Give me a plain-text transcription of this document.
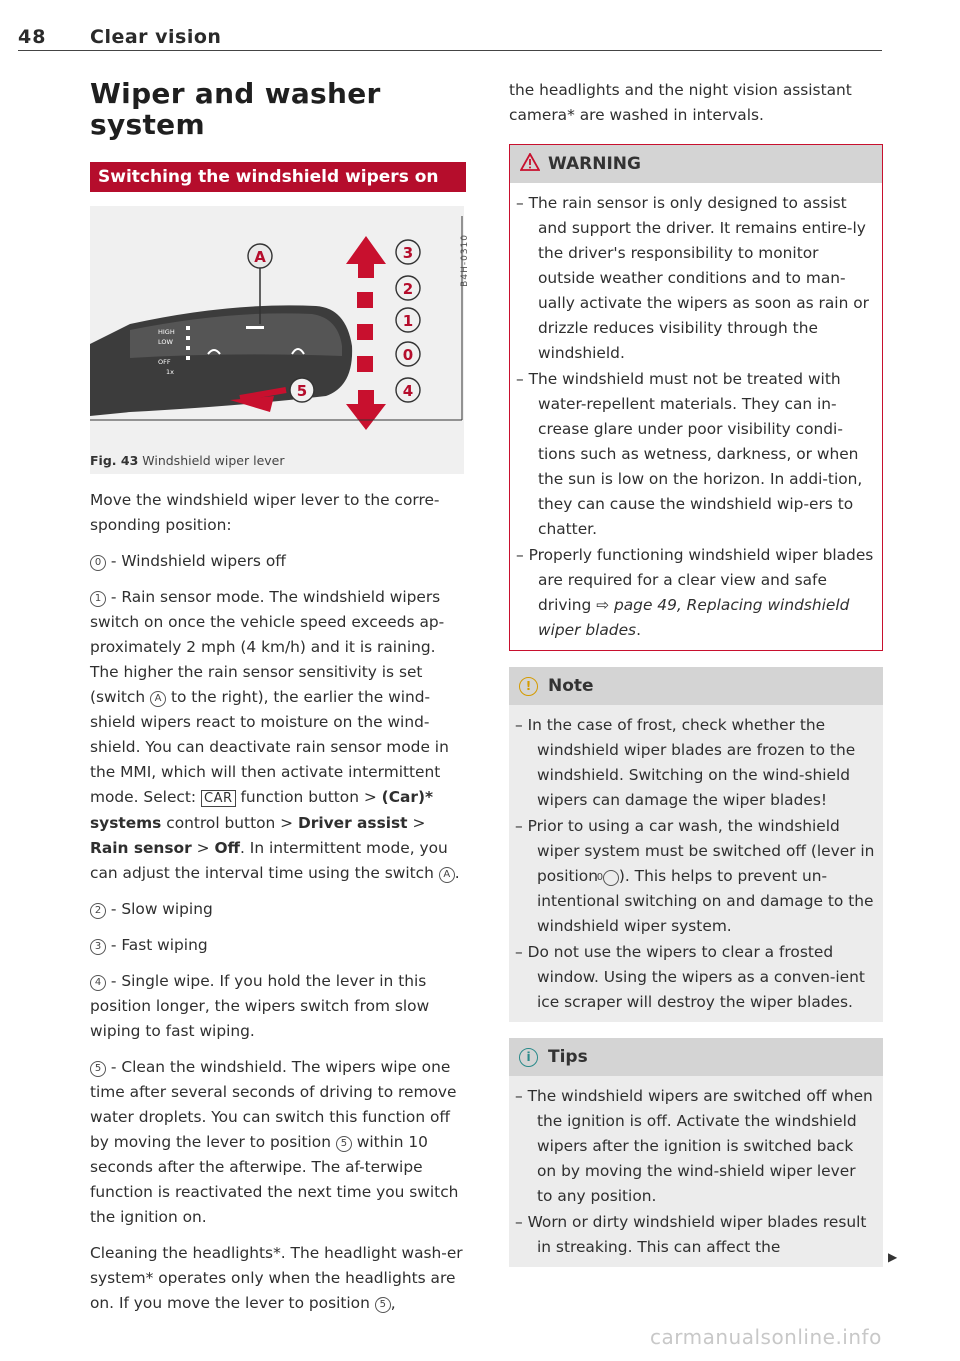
48 Clear vision
Wiper and washer system
Switching the windshield wipers on
HIGH
LOW
OFF
1x
A	3
2
1
0
5	4
B4H-0310
Fig. 43 Windshield wiper lever

Move the windshield wiper lever to the corre-sponding position:

0 - Windshield wipers off

1 - Rain sensor mode. The windshield wipers switch on once the vehicle speed exceeds ap-proximately 2 mph (4 km/h) and it is raining. The higher the rain sensor sensitivity is set (switch A to the right), the earlier the wind-shield wipers react to moisture on the wind-shield. You can deactivate rain sensor mode in the MMI, which will then activate intermittent mode. Select: CAR function button > (Car)* systems control button > Driver assist > Rain sensor > Off. In intermittent mode, you can adjust the interval time using the switch A .

2 - Slow wiping

3 - Fast wiping

4 - Single wipe. If you hold the lever in this position longer, the wipers switch from slow wiping to fast wiping.

5 - Clean the windshield. The wipers wipe one time after several seconds of driving to remove water droplets. You can switch this function off by moving the lever to position 5 within 10 seconds after the afterwipe. The af-terwipe function is reactivated the next time you switch the ignition on.

Cleaning the headlights*. The headlight wash-er system* operates only when the headlights are on. If you move the lever to position 5 ,

the headlights and the night vision assistant camera* are washed in intervals.

WARNING
– The rain sensor is only designed to assist and support the driver. It remains entire-ly the driver's responsibility to monitor outside weather conditions and to man-ually activate the wipers as soon as rain or drizzle reduces visibility through the windshield.
– The windshield must not be treated with water-repellent materials. They can in-crease glare under poor visibility condi-tions such as wetness, darkness, or when the sun is low on the horizon. In addi-tion, they can cause the windshield wip-ers to chatter.
– Properly functioning windshield wiper blades are required for a clear view and safe driving ⇨ page 49, Replacing windshield wiper blades.
! Note
– In the case of frost, check whether the windshield wiper blades are frozen to the windshield. Switching on the wind-shield wipers can damage the wiper blades!
– Prior to using a car wash, the windshield wiper system must be switched off (lever in position 0 ). This helps to prevent un-intentional switching on and damage to the windshield wiper system.
– Do not use the wipers to clear a frosted window. Using the wipers as a conven-ient ice scraper will destroy the wiper blades.
i Tips
– The windshield wipers are switched off when the ignition is off. Activate the windshield wipers after the ignition is switched back on by moving the wind-shield wiper lever to any position.
– Worn or dirty windshield wiper blades result in streaking. This can affect the
▶
carmanualsonline.info
